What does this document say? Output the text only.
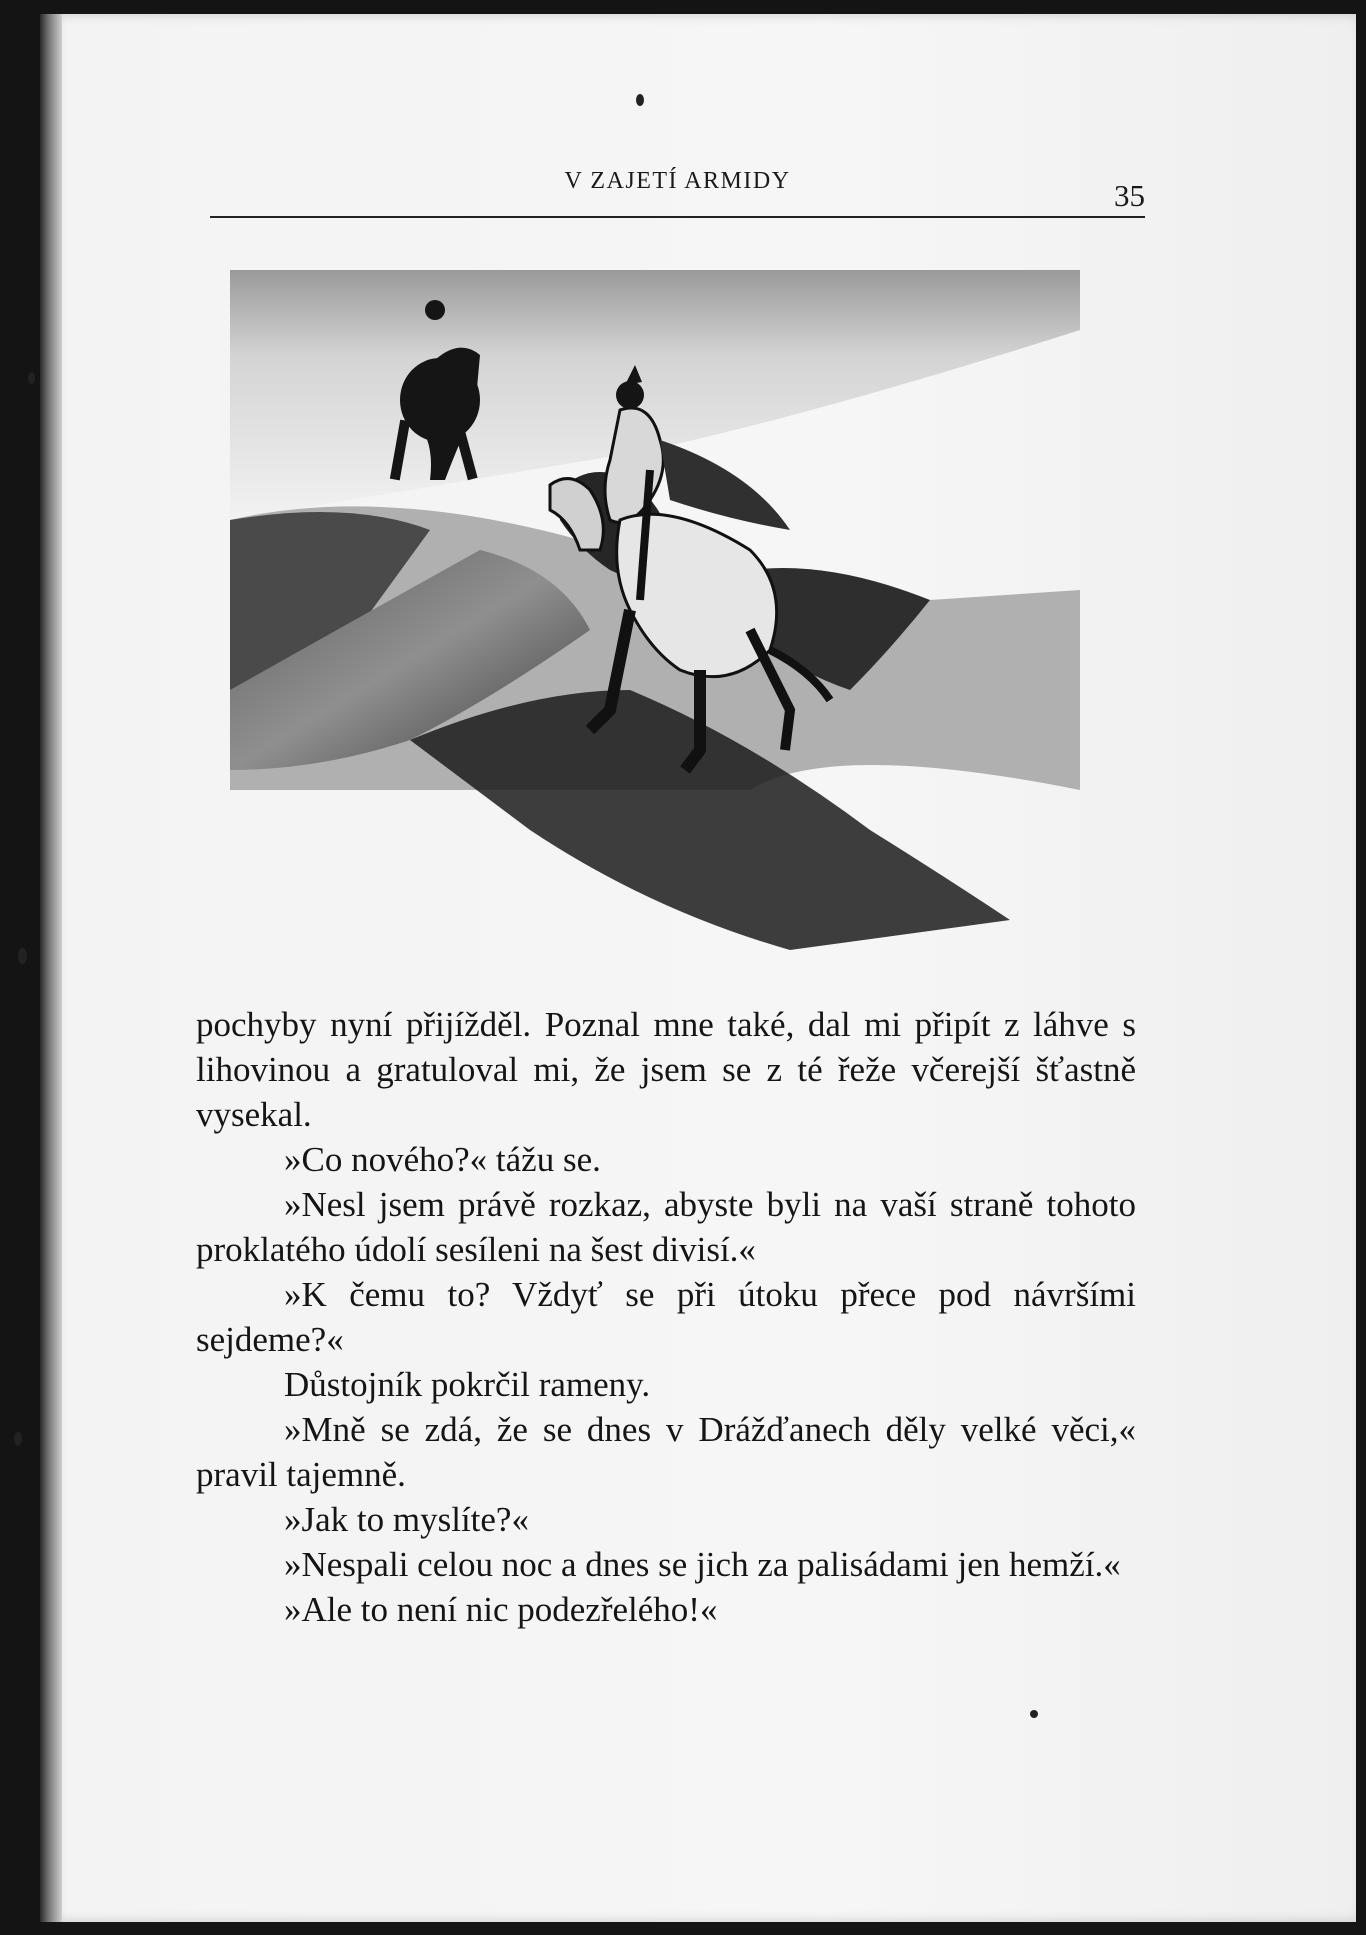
V ZAJETÍ ARMIDY	35

pochyby nyní přijížděl. Poznal mne také, dal mi připít z láhve s lihovinou a gratuloval mi, že jsem se z té řeže včerejší šťastně vysekal.

»Co nového?« tážu se.

»Nesl jsem právě rozkaz, abyste byli na vaší straně tohoto proklatého údolí sesíleni na šest divisí.«

»K čemu to? Vždyť se při útoku přece pod návršími sejdeme?«

Důstojník pokrčil rameny.

»Mně se zdá, že se dnes v Drážďanech děly velké věci,« pravil tajemně.

»Jak to myslíte?«

»Nespali celou noc a dnes se jich za palisádami jen hemží.«

»Ale to není nic podezřelého!«
